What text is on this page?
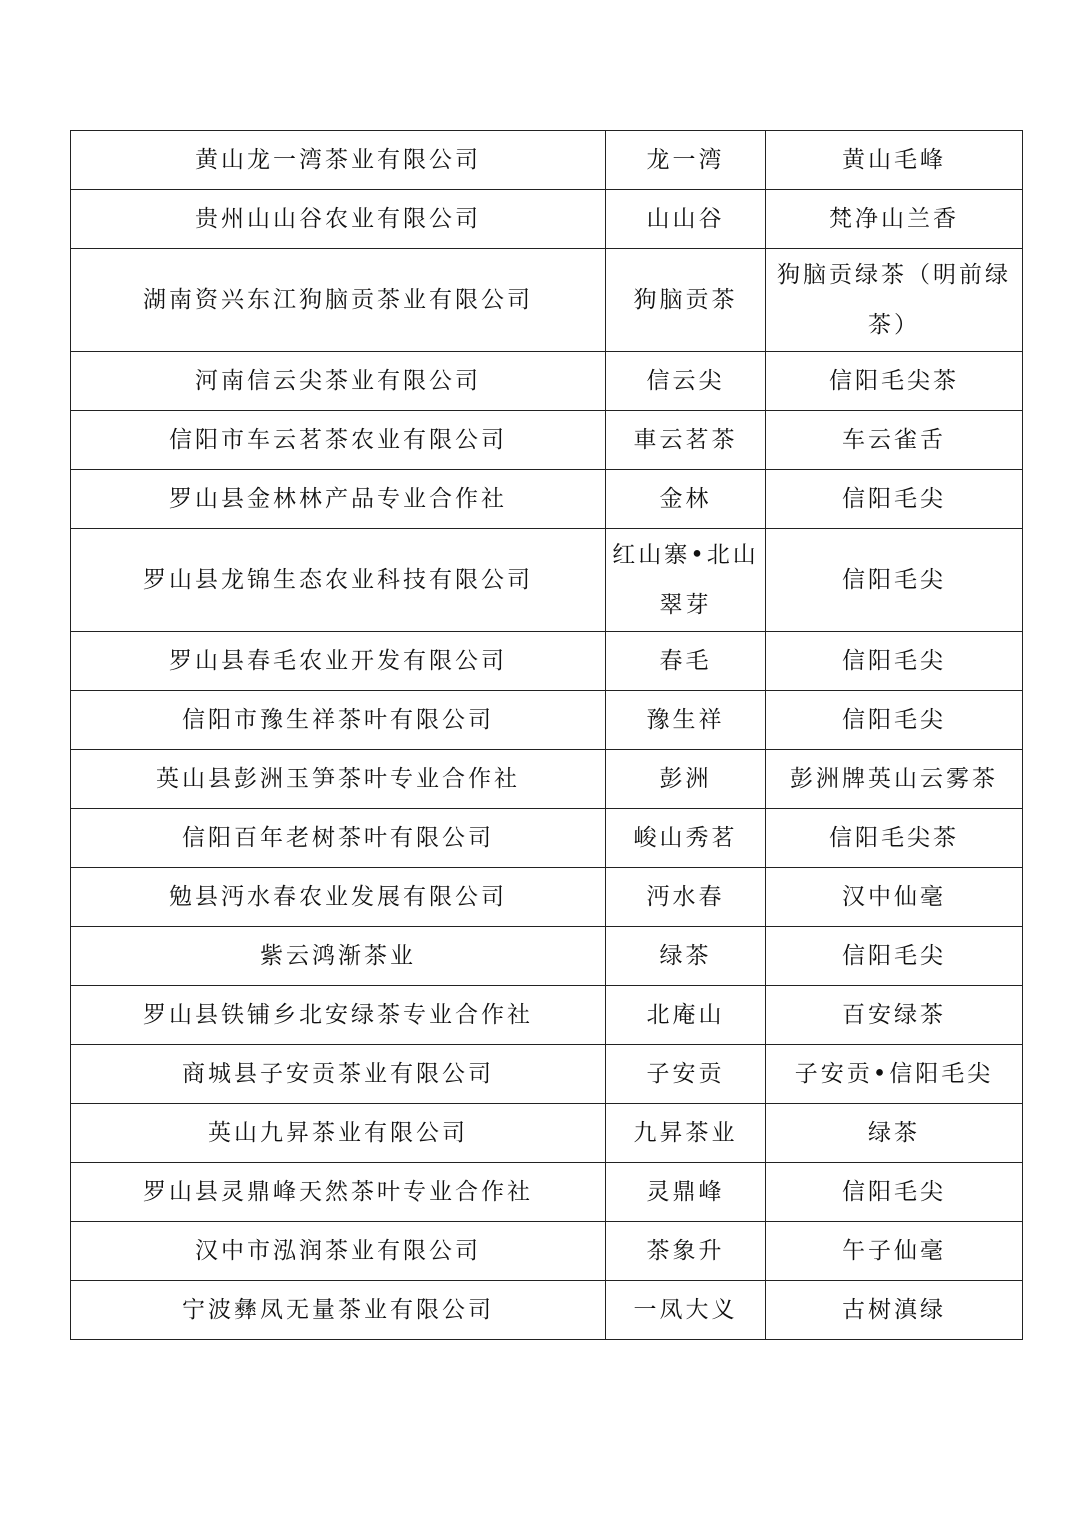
黄山龙一湾茶业有限公司	龙一湾	黄山毛峰
贵州山山谷农业有限公司	山山谷	梵净山兰香
湖南资兴东江狗脑贡茶业有限公司	狗脑贡茶	狗脑贡绿茶（明前绿茶）
河南信云尖茶业有限公司	信云尖	信阳毛尖茶
信阳市车云茗茶农业有限公司	車云茗茶	车云雀舌
罗山县金林林产品专业合作社	金林	信阳毛尖
罗山县龙锦生态农业科技有限公司	红山寨•北山翠芽	信阳毛尖
罗山县春毛农业开发有限公司	春毛	信阳毛尖
信阳市豫生祥茶叶有限公司	豫生祥	信阳毛尖
英山县彭洲玉笋茶叶专业合作社	彭洲	彭洲牌英山云雾茶
信阳百年老树茶叶有限公司	峻山秀茗	信阳毛尖茶
勉县沔水春农业发展有限公司	沔水春	汉中仙毫
紫云鸿渐茶业	绿茶	信阳毛尖
罗山县铁铺乡北安绿茶专业合作社	北庵山	百安绿茶
商城县子安贡茶业有限公司	子安贡	子安贡•信阳毛尖
英山九昇茶业有限公司	九昇茶业	绿茶
罗山县灵鼎峰天然茶叶专业合作社	灵鼎峰	信阳毛尖
汉中市泓润茶业有限公司	茶象升	午子仙毫
宁波彝凤无量茶业有限公司	一凤大义	古树滇绿
